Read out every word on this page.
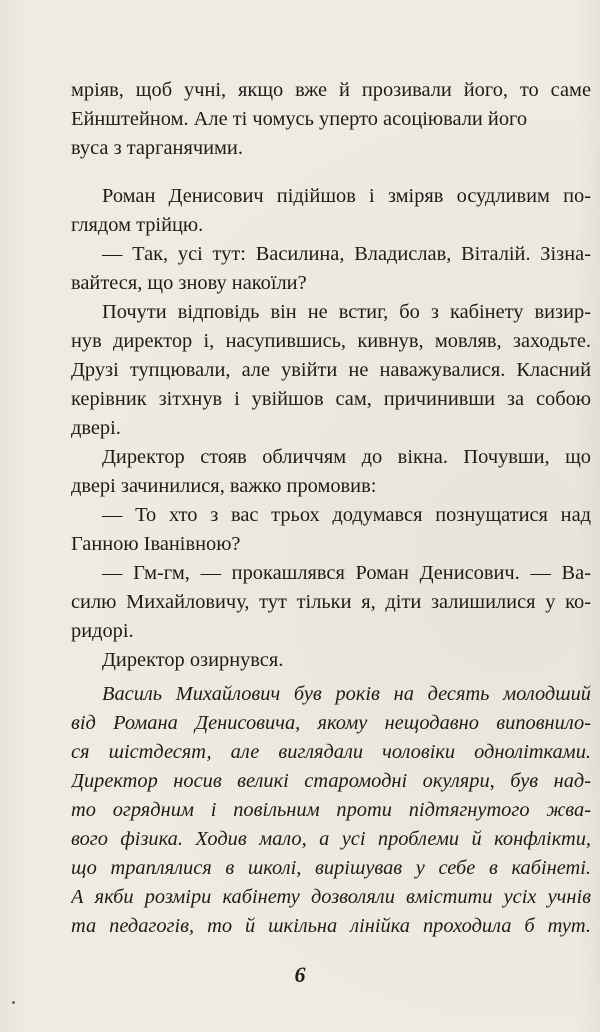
мріяв, щоб учні, якщо вже й прозивали його, то саме
Ейнштейном. Але ті чомусь уперто асоціювали його
вуса з тарганячими.
Роман Денисович підійшов і зміряв осудливим по-
глядом трійцю.
— Так, усі тут: Василина, Владислав, Віталій. Зізна-
вайтеся, що знову накоїли?
Почути відповідь він не встиг, бо з кабінету визир-
нув директор і, насупившись, кивнув, мовляв, заходьте.
Друзі тупцювали, але увійти не наважувалися. Класний
керівник зітхнув і увійшов сам, причинивши за собою
двері.
Директор стояв обличчям до вікна. Почувши, що
двері зачинилися, важко промовив:
— То хто з вас трьох додумався познущатися над
Ганною Іванівною?
— Гм-гм, — прокашлявся Роман Денисович. — Ва-
силю Михайловичу, тут тільки я, діти залишилися у ко-
ридорі.
Директор озирнувся.
Василь Михайлович був років на десять молодший
від Романа Денисовича, якому нещодавно виповнило-
ся шістдесят, але виглядали чоловіки однолітками.
Директор носив великі старомодні окуляри, був над-
то огрядним і повільним проти підтягнутого жва-
вого фізика. Ходив мало, а усі проблеми й конфлікти,
що траплялися в школі, вирішував у себе в кабінеті.
А якби розміри кабінету дозволяли вмістити усіх учнів
та педагогів, то й шкільна лінійка проходила б тут.
6
